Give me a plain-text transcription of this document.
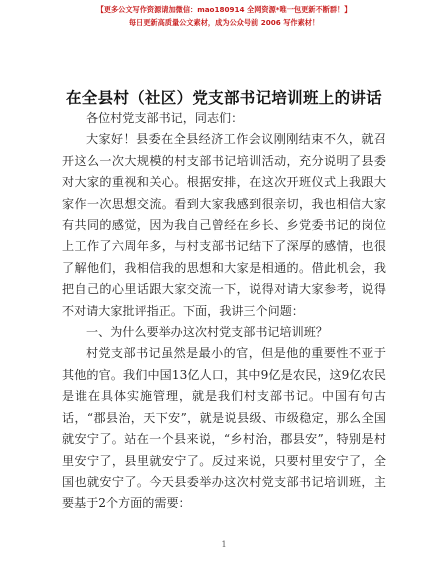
【更多公文写作资源请加微信：mao180914 全网资源*唯一包更新不断群！】
每日更新高质量公文素材，成为公众号前 2006 写作素材！
在全县村（社区）党支部书记培训班上的讲话

各位村党支部书记，同志们：

大家好！县委在全县经济工作会议刚刚结束不久，就召开这么一次大规模的村支部书记培训活动，充分说明了县委对大家的重视和关心。根据安排，在这次开班仪式上我跟大家作一次思想交流。看到大家我感到很亲切，我也相信大家有共同的感觉，因为我自己曾经在乡长、乡党委书记的岗位上工作了六周年多，与村支部书记结下了深厚的感情，也很了解他们，我相信我的思想和大家是相通的。借此机会，我把自己的心里话跟大家交流一下，说得对请大家参考，说得不对请大家批评指正。下面，我讲三个问题：

一、为什么要举办这次村党支部书记培训班？

村党支部书记虽然是最小的官，但是他的重要性不亚于其他的官。我们中国13亿人口，其中9亿是农民，这9亿农民是谁在具体实施管理，就是我们村支部书记。中国有句古话，“郡县治，天下安”，就是说县级、市级稳定，那么全国就安宁了。站在一个县来说，“乡村治，郡县安”，特别是村里安宁了，县里就安宁了。反过来说，只要村里安宁了，全国也就安宁了。今天县委举办这次村党支部书记培训班，主要基于2个方面的需要：

1
